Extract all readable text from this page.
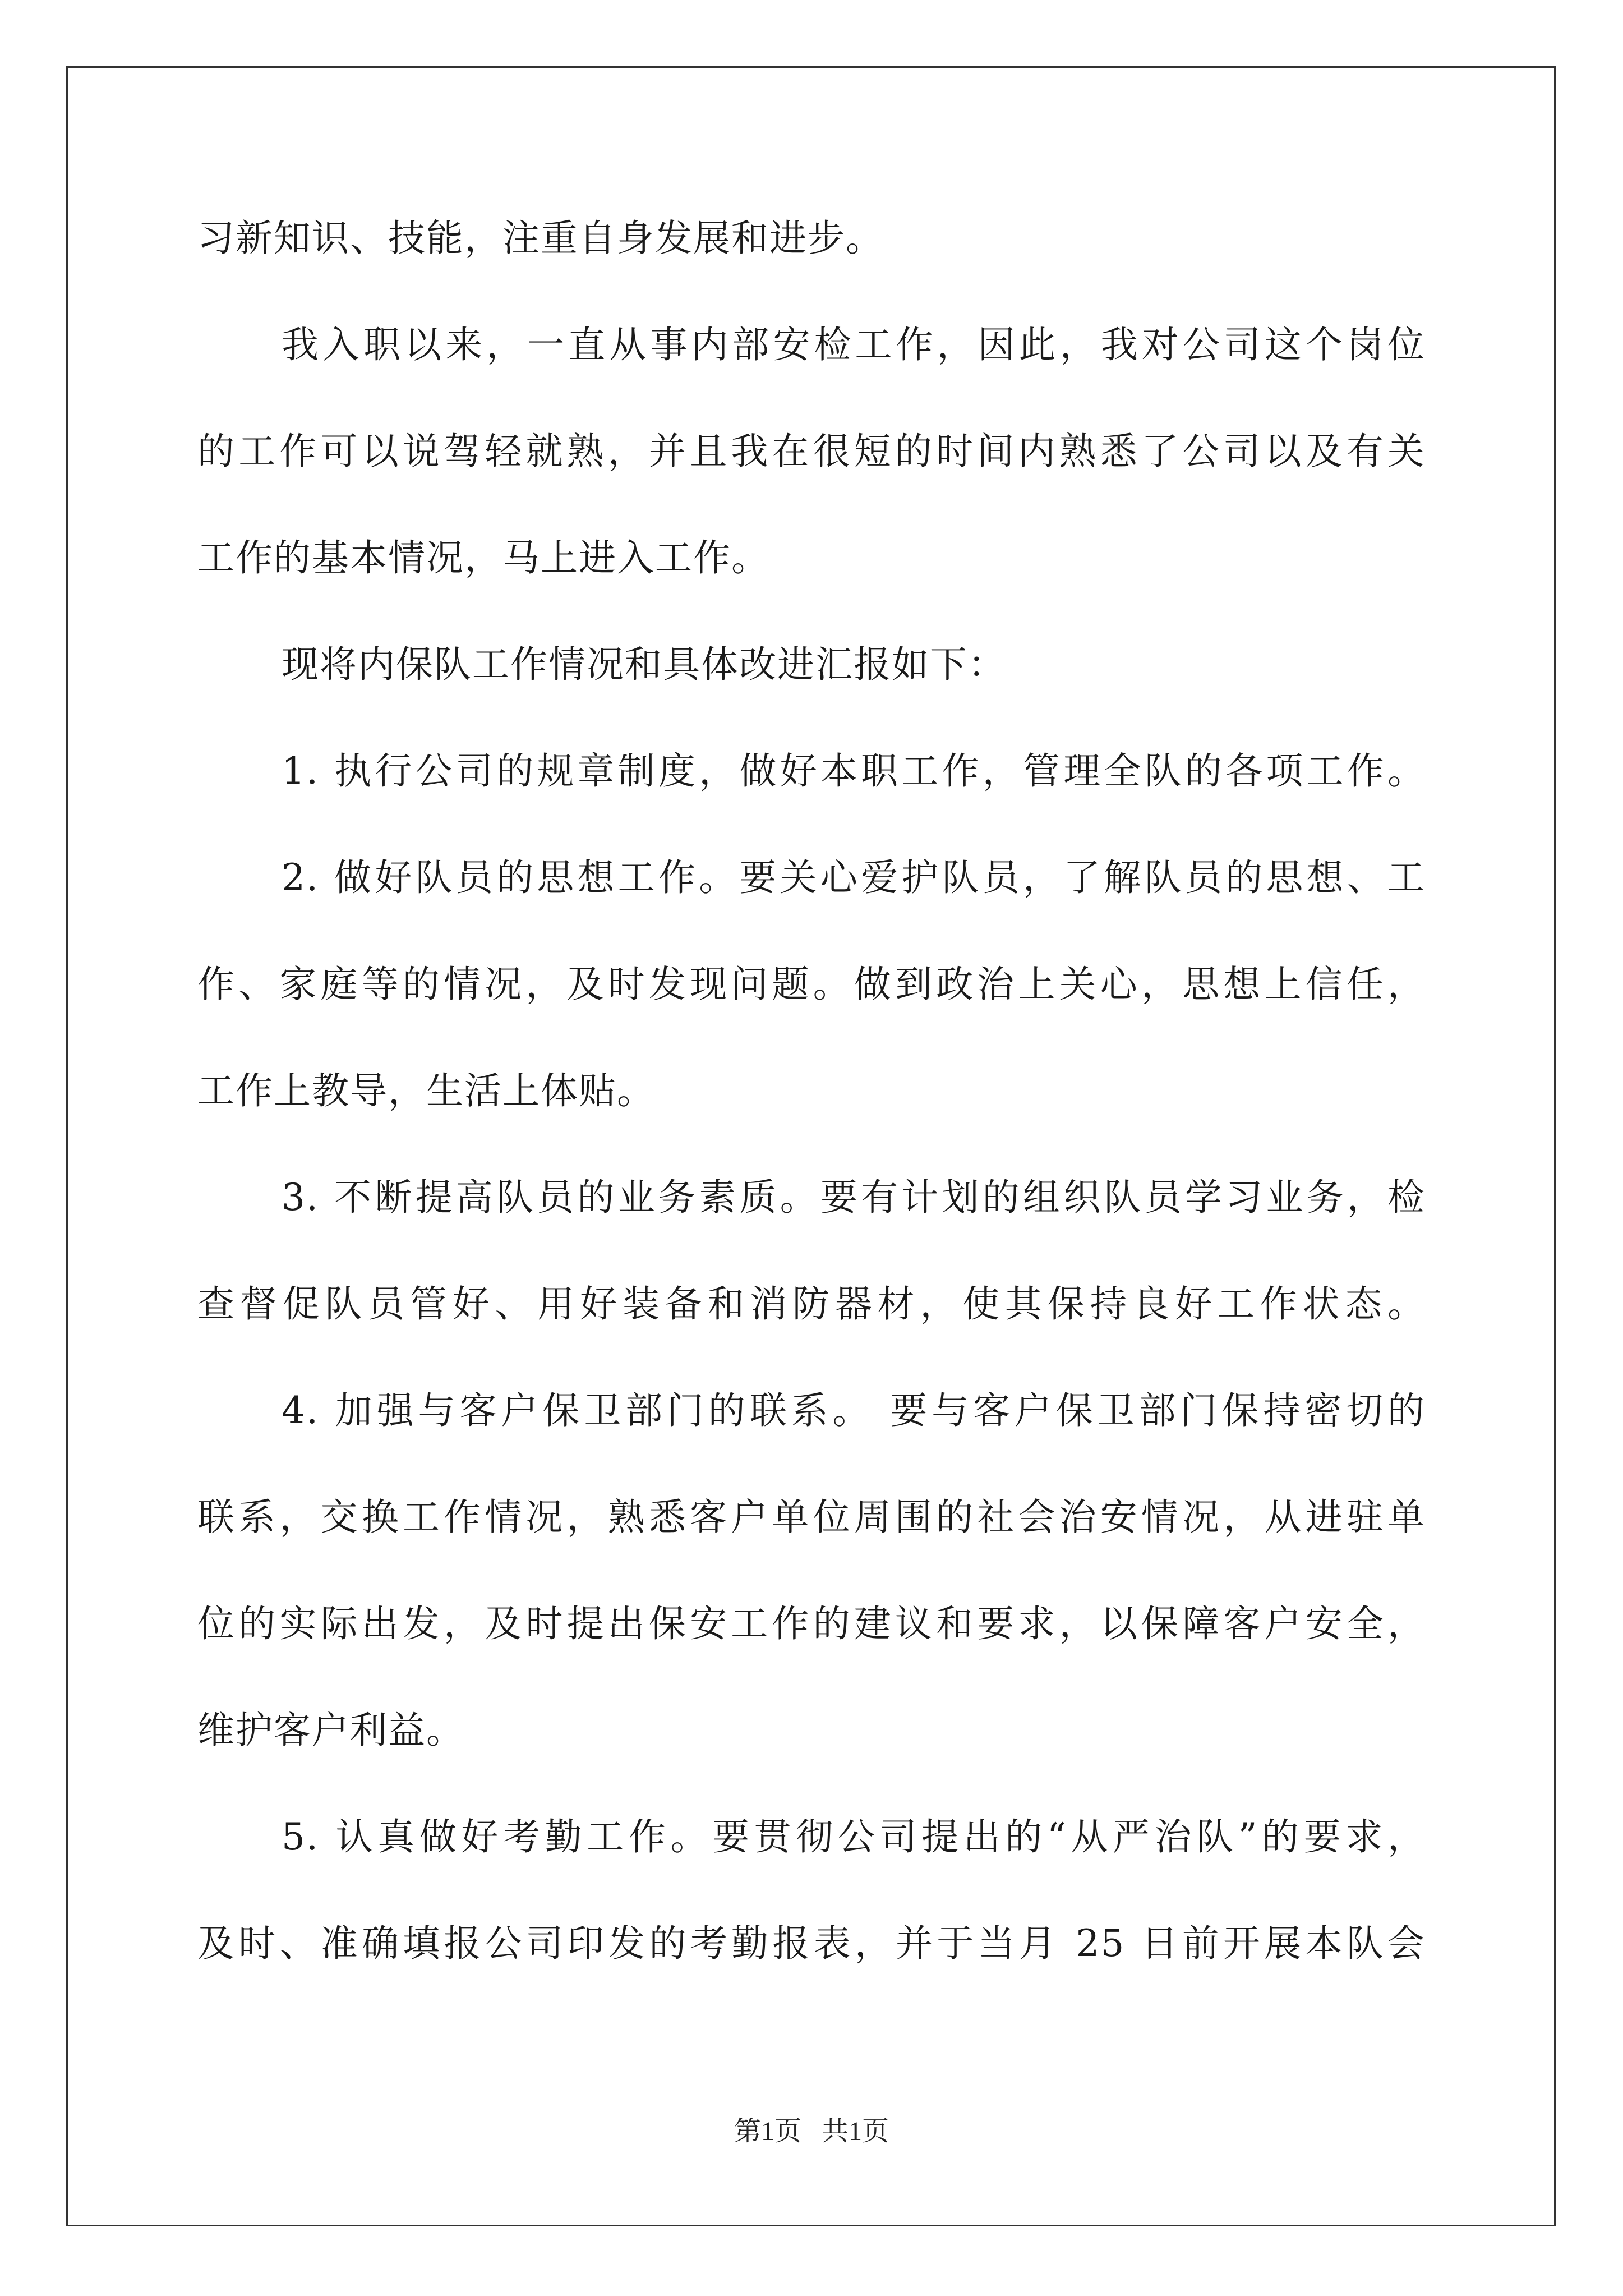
习新知识、技能，注重自身发展和进步。
我入职以来，一直从事内部安检工作，因此，我对公司这个岗位
的工作可以说驾轻就熟，并且我在很短的时间内熟悉了公司以及有关
工作的基本情况，马上进入工作。
现将内保队工作情况和具体改进汇报如下：
1. 执行公司的规章制度，做好本职工作，管理全队的各项工作。
2. 做好队员的思想工作。要关心爱护队员，了解队员的思想、工
作、家庭等的情况，及时发现问题。做到政治上关心，思想上信任，
工作上教导，生活上体贴。
3. 不断提高队员的业务素质。要有计划的组织队员学习业务，检
查督促队员管好、用好装备和消防器材，使其保持良好工作状态。
4. 加强与客户保卫部门的联系。 要与客户保卫部门保持密切的
联系，交换工作情况，熟悉客户单位周围的社会治安情况，从进驻单
位的实际出发，及时提出保安工作的建议和要求，以保障客户安全，
维护客户利益。
5. 认真做好考勤工作。要贯彻公司提出的“从严治队”的要求，
及时、准确填报公司印发的考勤报表，并于当月 25 日前开展本队会
第1页   共1页
